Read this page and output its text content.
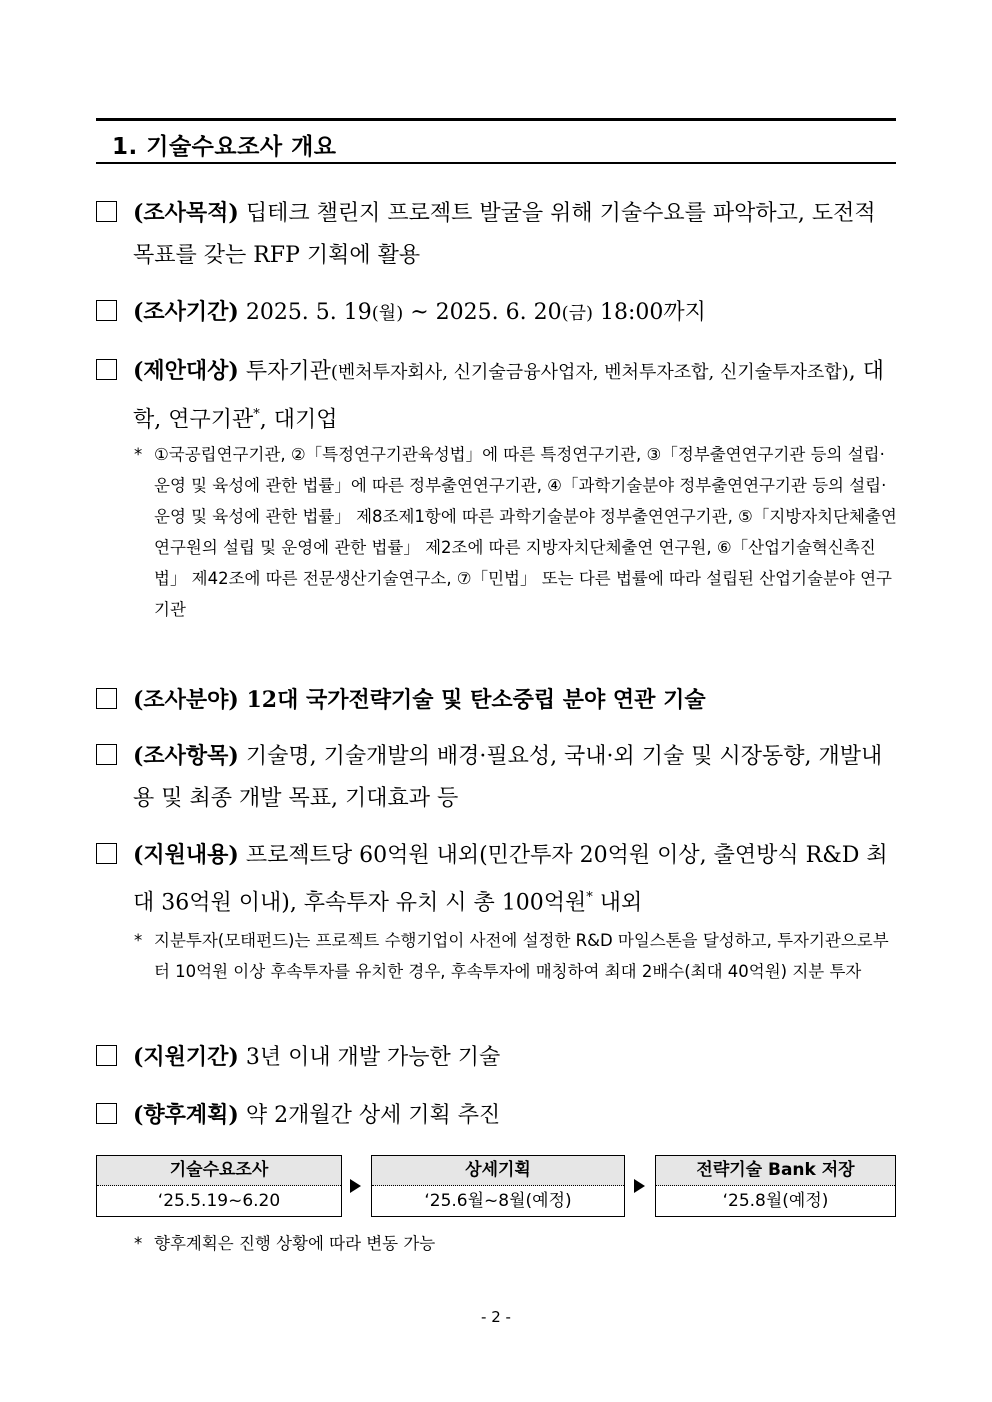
1. 기술수요조사 개요
(조사목적) 딥테크 챌린지 프로젝트 발굴을 위해 기술수요를 파악하고, 도전적 목표를 갖는 RFP 기획에 활용
(조사기간) 2025. 5. 19(월) ~ 2025. 6. 20(금) 18:00까지
(제안대상) 투자기관(벤처투자회사, 신기술금융사업자, 벤처투자조합, 신기술투자조합), 대학, 연구기관*, 대기업
* ①국공립연구기관, ②「특정연구기관육성법」에 따른 특정연구기관, ③「정부출연연구기관 등의 설립·운영 및 육성에 관한 법률」에 따른 정부출연연구기관, ④「과학기술분야 정부출연연구기관 등의 설립·운영 및 육성에 관한 법률」 제8조제1항에 따른 과학기술분야 정부출연연구기관, ⑤「지방자치단체출연 연구원의 설립 및 운영에 관한 법률」 제2조에 따른 지방자치단체출연 연구원, ⑥「산업기술혁신촉진법」 제42조에 따른 전문생산기술연구소, ⑦「민법」 또는 다른 법률에 따라 설립된 산업기술분야 연구기관
(조사분야) 12대 국가전략기술 및 탄소중립 분야 연관 기술
(조사항목) 기술명, 기술개발의 배경·필요성, 국내·외 기술 및 시장동향, 개발내용 및 최종 개발 목표, 기대효과 등
(지원내용) 프로젝트당 60억원 내외(민간투자 20억원 이상, 출연방식 R&D 최대 36억원 이내), 후속투자 유치 시 총 100억원* 내외
* 지분투자(모태펀드)는 프로젝트 수행기업이 사전에 설정한 R&D 마일스톤을 달성하고, 투자기관으로부터 10억원 이상 후속투자를 유치한 경우, 후속투자에 매칭하여 최대 2배수(최대 40억원) 지분 투자
(지원기간) 3년 이내 개발 가능한 기술
(향후계획) 약 2개월간 상세 기획 추진
기술수요조사
‘25.5.19~6.20
상세기획
‘25.6월~8월(예정)
전략기술 Bank 저장
‘25.8월(예정)
* 향후계획은 진행 상황에 따라 변동 가능
- 2 -
